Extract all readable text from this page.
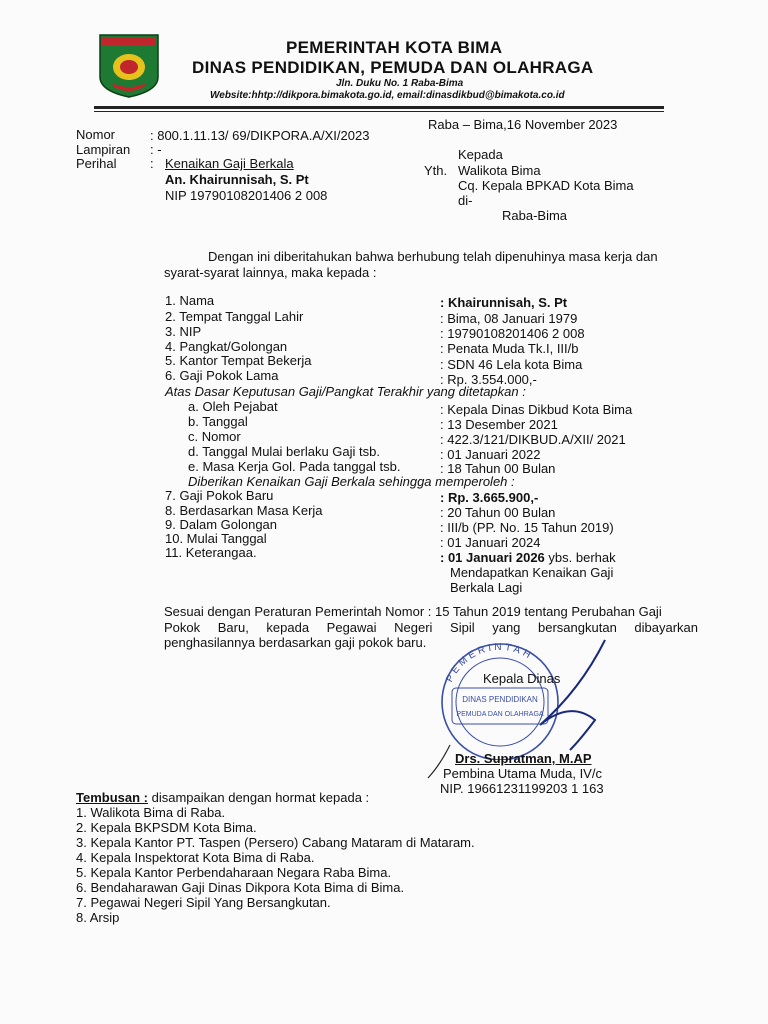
PEMERINTAH KOTA BIMA
DINAS PENDIDIKAN, PEMUDA DAN OLAHRAGA
Jln. Duku No. 1 Raba-Bima
Website:hhtp://dikpora.bimakota.go.id, email:dinasdikbud@bimakota.co.id
Raba – Bima,16 November 2023
Nomor	: 800.1.11.13/ 69/DIKPORA.A/XI/2023
Lampiran : -
Perihal	: Kenaikan Gaji Berkala
An. Khairunnisah, S. Pt
NIP 19790108201406 2 008
Kepada
Yth. Walikota Bima
Cq. Kepala BPKAD Kota Bima
di-
Raba-Bima
Dengan ini diberitahukan bahwa berhubung telah dipenuhinya masa kerja dan
syarat-syarat lainnya, maka kepada :
1. Nama	: Khairunnisah, S. Pt
2. Tempat Tanggal Lahir	: Bima, 08 Januari 1979
3. NIP	: 19790108201406 2 008
4. Pangkat/Golongan	: Penata Muda Tk.I, III/b
5. Kantor Tempat Bekerja	: SDN 46 Lela kota Bima
6. Gaji Pokok Lama	: Rp. 3.554.000,-
Atas Dasar Keputusan Gaji/Pangkat Terakhir yang ditetapkan :
a. Oleh Pejabat	: Kepala Dinas Dikbud Kota Bima
b. Tanggal	: 13 Desember 2021
c. Nomor	: 422.3/121/DIKBUD.A/XII/ 2021
d. Tanggal Mulai berlaku Gaji tsb.	: 01 Januari 2022
e. Masa Kerja Gol. Pada tanggal tsb.	: 18 Tahun 00 Bulan
Diberikan Kenaikan Gaji Berkala sehingga memperoleh :
7. Gaji Pokok Baru	: Rp. 3.665.900,-
8. Berdasarkan Masa Kerja	: 20 Tahun 00 Bulan
9. Dalam Golongan	: III/b (PP. No. 15 Tahun 2019)
10. Mulai Tanggal	: 01 Januari 2024
11. Keterangaa.	: 01 Januari 2026 ybs. berhak
Mendapatkan Kenaikan Gaji
Berkala Lagi
Sesuai dengan Peraturan Pemerintah Nomor : 15 Tahun 2019 tentang Perubahan Gaji
Pokok Baru, kepada Pegawai Negeri Sipil yang bersangkutan dibayarkan
penghasilannya berdasarkan gaji pokok baru.
PEMERINTAH
DINAS PENDIDIKAN
PEMUDA DAN OLAHRAGA
Kepala Dinas
Drs. Supratman, M.AP
Pembina Utama Muda, IV/c
NIP. 19661231199203 1 163
Tembusan : disampaikan dengan hormat kepada :
1. Walikota Bima di Raba.
2. Kepala BKPSDM Kota Bima.
3. Kepala Kantor PT. Taspen (Persero) Cabang Mataram di Mataram.
4. Kepala Inspektorat Kota Bima di Raba.
5. Kepala Kantor Perbendaharaan Negara Raba Bima.
6. Bendaharawan Gaji Dinas Dikpora Kota Bima di Bima.
7. Pegawai Negeri Sipil Yang Bersangkutan.
8. Arsip
